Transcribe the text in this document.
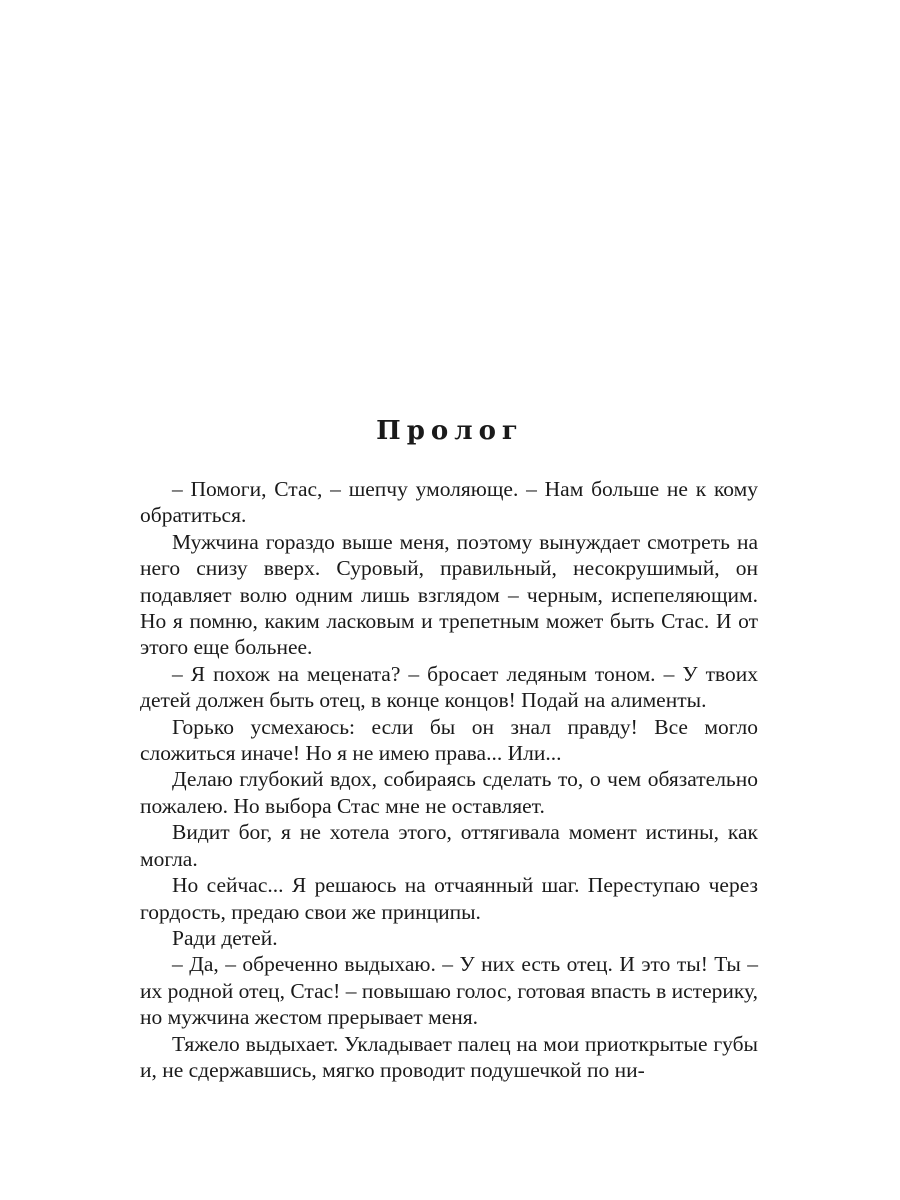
Пролог

– Помоги, Стас, – шепчу умоляюще. – Нам больше не к кому обратиться.

Мужчина гораздо выше меня, поэтому вынуждает смотреть на него снизу вверх. Суровый, правильный, несокрушимый, он подавляет волю одним лишь взглядом – черным, испепеляющим. Но я помню, каким ласковым и трепетным может быть Стас. И от этого еще больнее.

– Я похож на мецената? – бросает ледяным тоном. – У твоих детей должен быть отец, в конце концов! Подай на алименты.

Горько усмехаюсь: если бы он знал правду! Все могло сложиться иначе! Но я не имею права... Или...

Делаю глубокий вдох, собираясь сделать то, о чем обязательно пожалею. Но выбора Стас мне не оставляет.

Видит бог, я не хотела этого, оттягивала момент истины, как могла.

Но сейчас... Я решаюсь на отчаянный шаг. Переступаю через гордость, предаю свои же принципы.

Ради детей.

– Да, – обреченно выдыхаю. – У них есть отец. И это ты! Ты – их родной отец, Стас! – повышаю голос, готовая впасть в истерику, но мужчина жестом прерывает меня.

Тяжело выдыхает. Укладывает палец на мои приоткрытые губы и, не сдержавшись, мягко проводит подушечкой по ни-
